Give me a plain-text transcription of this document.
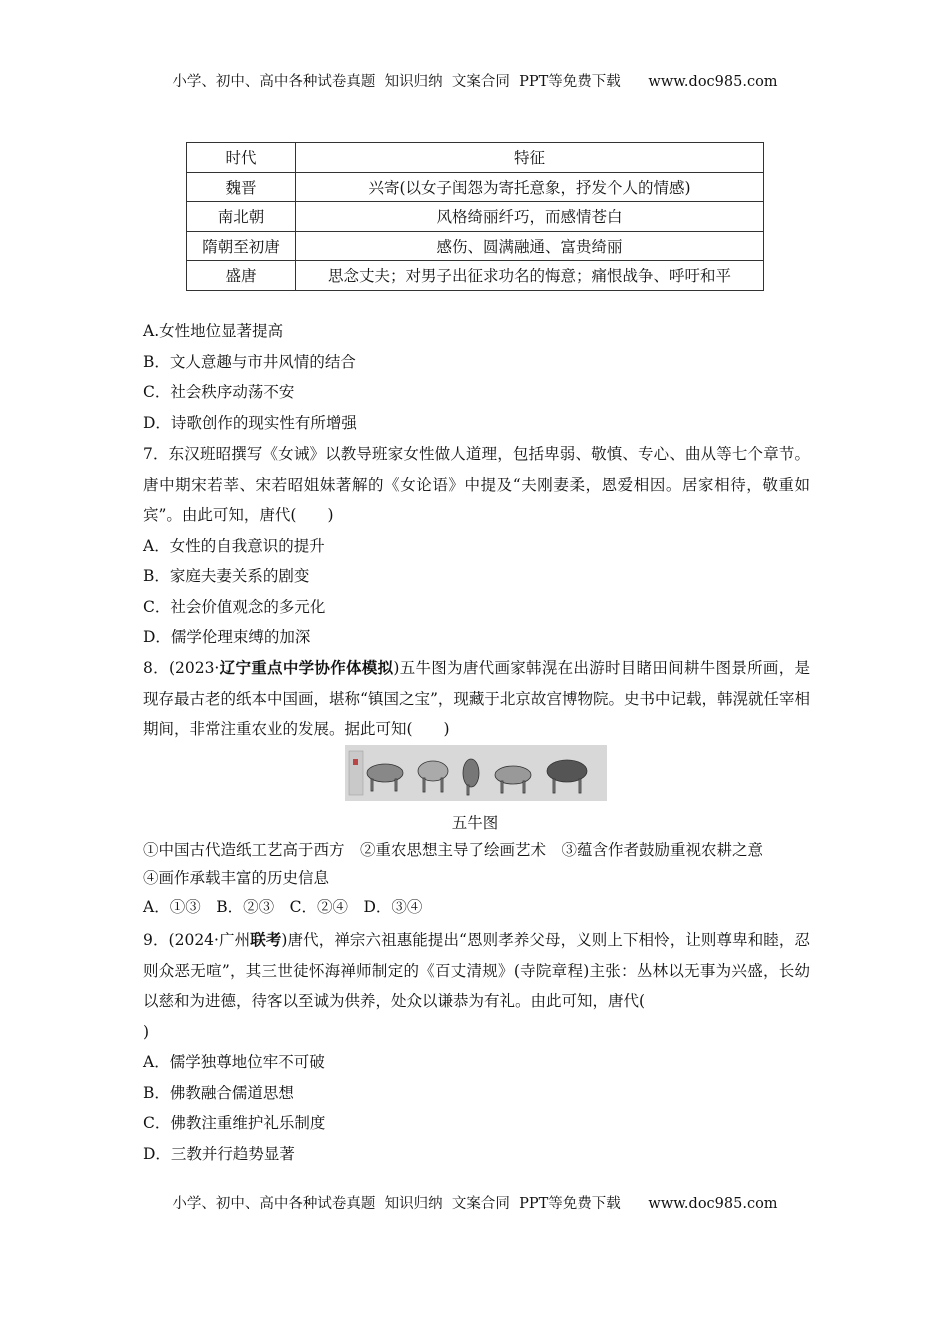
小学、初中、高中各种试卷真题  知识归纳  文案合同  PPT等免费下载      www.doc985.com
时代	特征
魏晋	兴寄(以女子闺怨为寄托意象，抒发个人的情感)
南北朝	风格绮丽纤巧，而感情苍白
隋朝至初唐	感伤、圆满融通、富贵绮丽
盛唐	思念丈夫；对男子出征求功名的悔意；痛恨战争、呼吁和平

A.女性地位显著提高

B．文人意趣与市井风情的结合

C．社会秩序动荡不安

D．诗歌创作的现实性有所增强

7．东汉班昭撰写《女诫》以教导班家女性做人道理，包括卑弱、敬慎、专心、曲从等七个章节。唐中期宋若莘、宋若昭姐妹著解的《女论语》中提及“夫刚妻柔，恩爱相因。居家相待，敬重如宾”。由此可知，唐代(　　)

A．女性的自我意识的提升

B．家庭夫妻关系的剧变

C．社会价值观念的多元化

D．儒学伦理束缚的加深

8．(2023·辽宁重点中学协作体模拟)五牛图为唐代画家韩滉在出游时目睹田间耕牛图景所画，是现存最古老的纸本中国画，堪称“镇国之宝”，现藏于北京故宫博物院。史书中记载，韩滉就任宰相期间，非常注重农业的发展。据此可知(　　)

五牛图

①中国古代造纸工艺高于西方　②重农思想主导了绘画艺术　③蕴含作者鼓励重视农耕之意

④画作承载丰富的历史信息

A．①③　B．②③　C．②④　D．③④

9．(2024·广州联考)唐代，禅宗六祖惠能提出“恩则孝养父母，义则上下相怜，让则尊卑和睦，忍则众恶无喧”，其三世徒怀海禅师制定的《百丈清规》(寺院章程)主张：丛林以无事为兴盛，长幼以慈和为进德，待客以至诚为供养，处众以谦恭为有礼。由此可知，唐代(

)

A．儒学独尊地位牢不可破

B．佛教融合儒道思想

C．佛教注重维护礼乐制度

D．三教并行趋势显著

小学、初中、高中各种试卷真题  知识归纳  文案合同  PPT等免费下载      www.doc985.com
